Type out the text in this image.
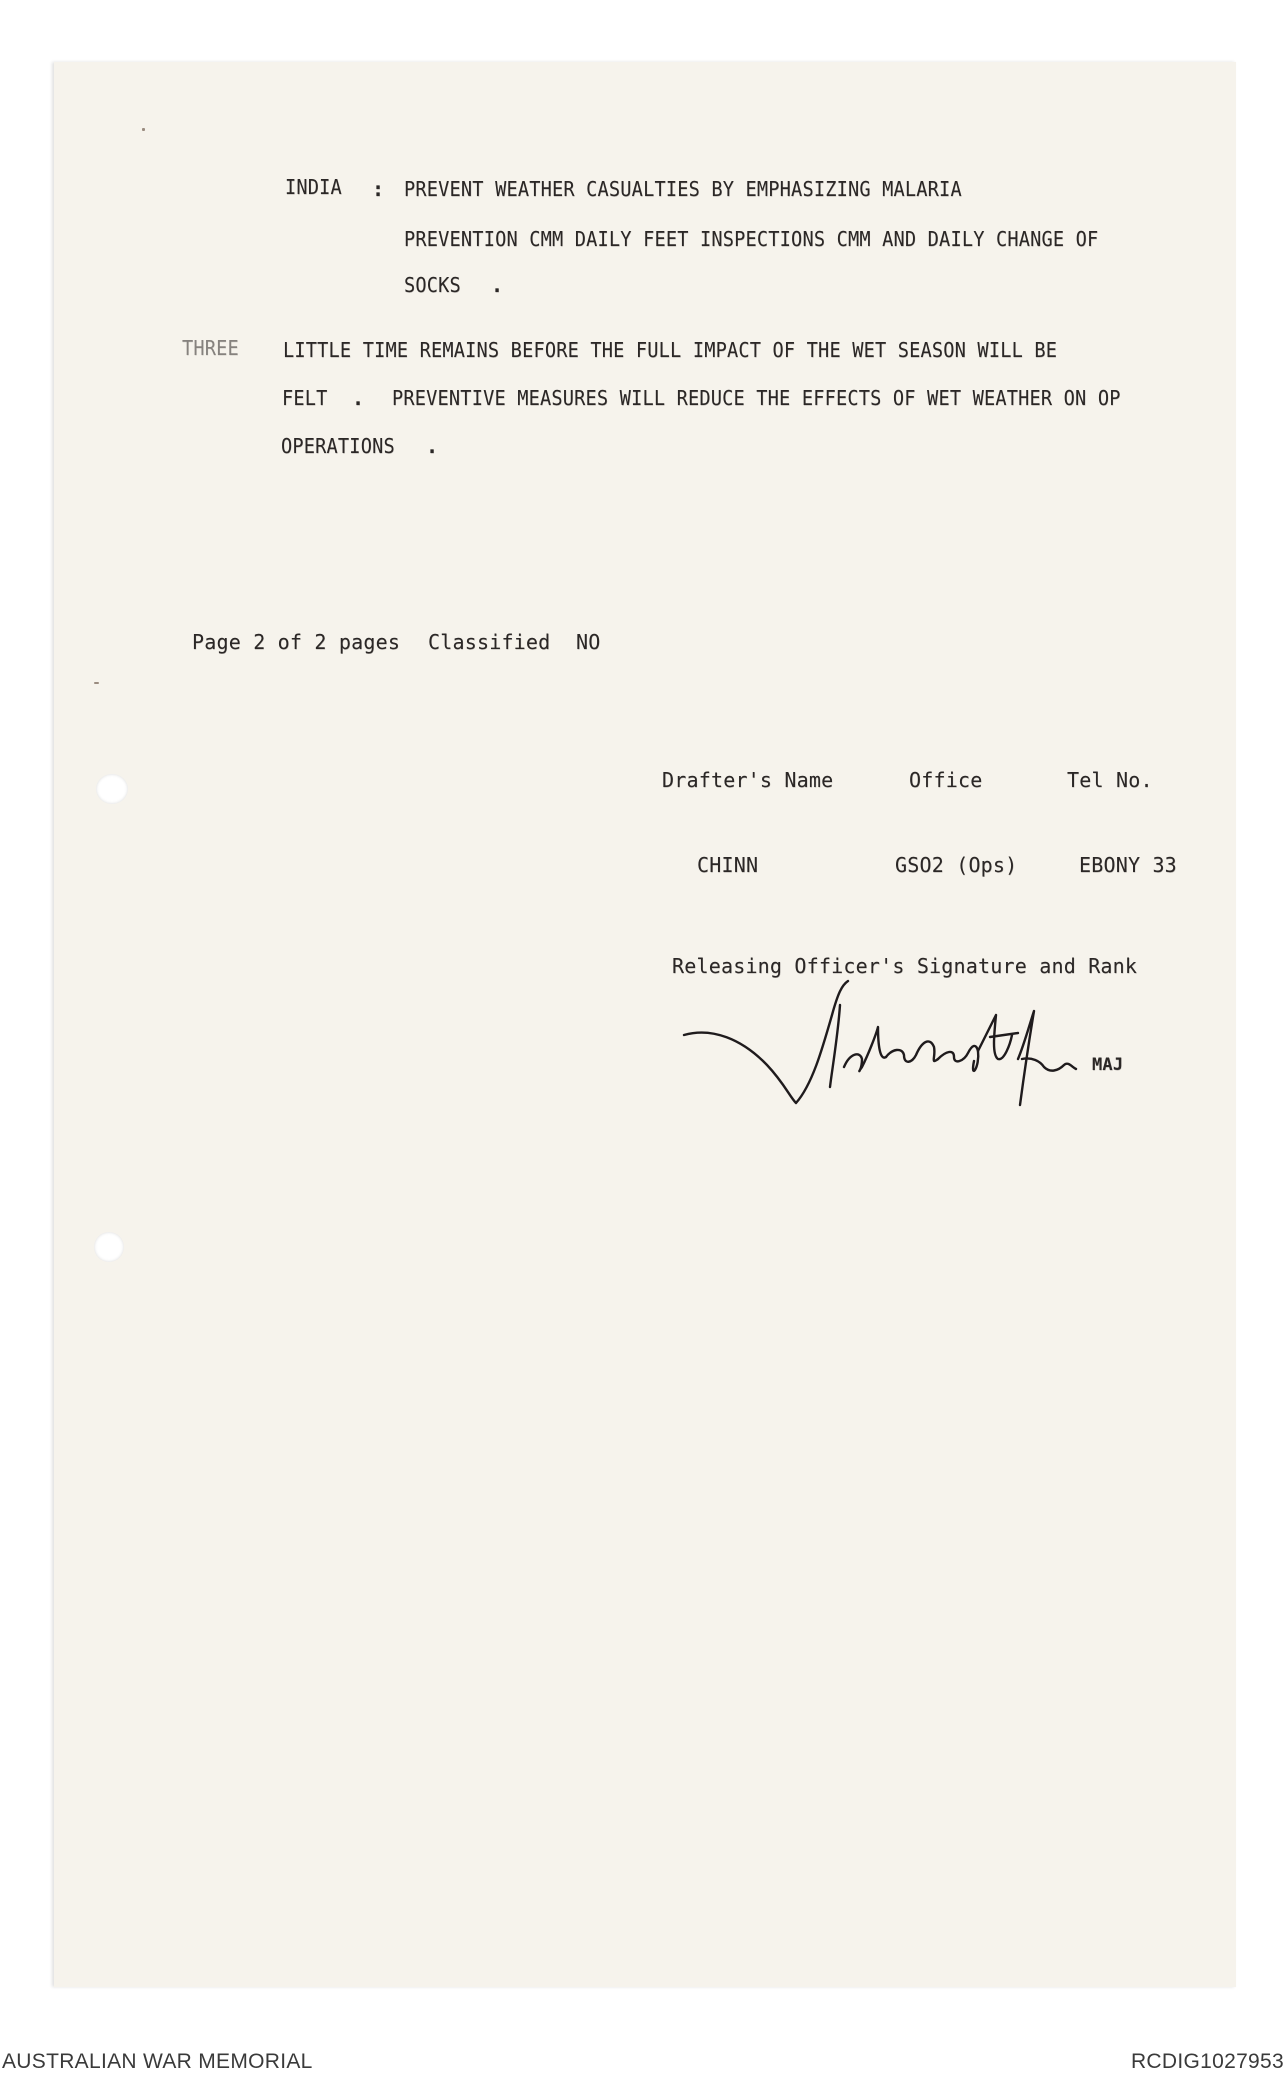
INDIA : PREVENT WEATHER CASUALTIES BY EMPHASIZING MALARIA
PREVENTION CMM DAILY FEET INSPECTIONS CMM AND DAILY CHANGE OF
SOCKS .
THREE LITTLE TIME REMAINS BEFORE THE FULL IMPACT OF THE WET SEASON WILL BE
FELT . PREVENTIVE MEASURES WILL REDUCE THE EFFECTS OF WET WEATHER ON OP
OPERATIONS .
Page 2 of 2 pages Classified NO
Drafter's Name	Office	Tel No.
CHINN	GSO2 (Ops)	EBONY 33
Releasing Officer's Signature and Rank
MAJ
AUSTRALIAN WAR MEMORIAL	RCDIG1027953
